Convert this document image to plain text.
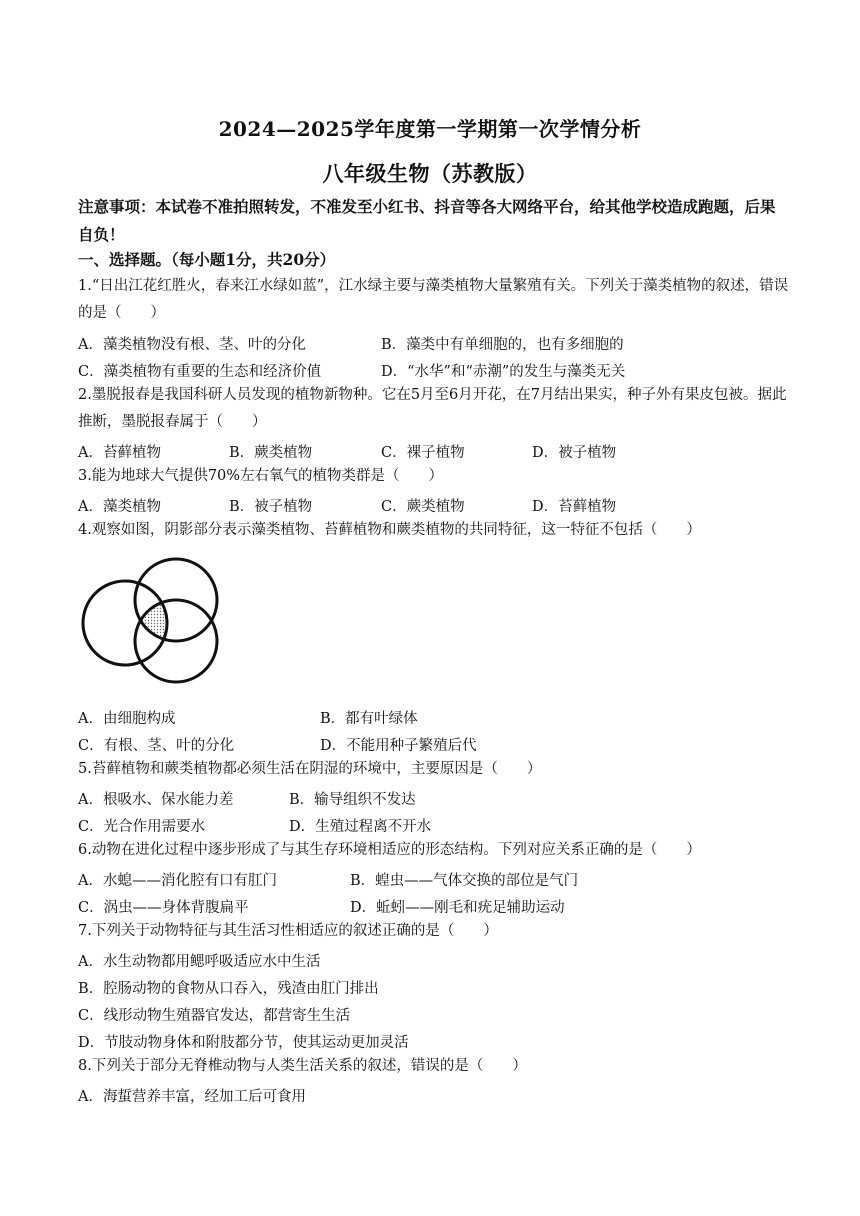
2024—2025学年度第一学期第一次学情分析
八年级生物（苏教版）
注意事项：本试卷不准拍照转发，不准发至小红书、抖音等各大网络平台，给其他学校造成跑题，后果自负！
一、选择题。（每小题1分，共20分）
1.“日出江花红胜火，春来江水绿如蓝”，江水绿主要与藻类植物大量繁殖有关。下列关于藻类植物的叙述，错误的是（　　）
A．藻类植物没有根、茎、叶的分化	B．藻类中有单细胞的，也有多细胞的
C．藻类植物有重要的生态和经济价值	D．“水华”和“赤潮”的发生与藻类无关
2.墨脱报春是我国科研人员发现的植物新物种。它在5月至6月开花，在7月结出果实，种子外有果皮包被。据此推断，墨脱报春属于（　　）
A．苔藓植物	B．蕨类植物	C．裸子植物	D．被子植物
3.能为地球大气提供70%左右氧气的植物类群是（　　）
A．藻类植物	B．被子植物	C．蕨类植物	D．苔藓植物
4.观察如图，阴影部分表示藻类植物、苔藓植物和蕨类植物的共同特征，这一特征不包括（　　）
A．由细胞构成	B．都有叶绿体
C．有根、茎、叶的分化	D．不能用种子繁殖后代
5.苔藓植物和蕨类植物都必须生活在阴湿的环境中，主要原因是（　　）
A．根吸水、保水能力差	B．输导组织不发达
C．光合作用需要水	D．生殖过程离不开水
6.动物在进化过程中逐步形成了与其生存环境相适应的形态结构。下列对应关系正确的是（　　）
A．水螅——消化腔有口有肛门	B．蝗虫——气体交换的部位是气门
C．涡虫——身体背腹扁平	D．蚯蚓——刚毛和疣足辅助运动
7.下列关于动物特征与其生活习性相适应的叙述正确的是（　　）
A．水生动物都用鳃呼吸适应水中生活
B．腔肠动物的食物从口吞入，残渣由肛门排出
C．线形动物生殖器官发达，都营寄生生活
D．节肢动物身体和附肢都分节，使其运动更加灵活
8.下列关于部分无脊椎动物与人类生活关系的叙述，错误的是（　　）
A．海蜇营养丰富，经加工后可食用
